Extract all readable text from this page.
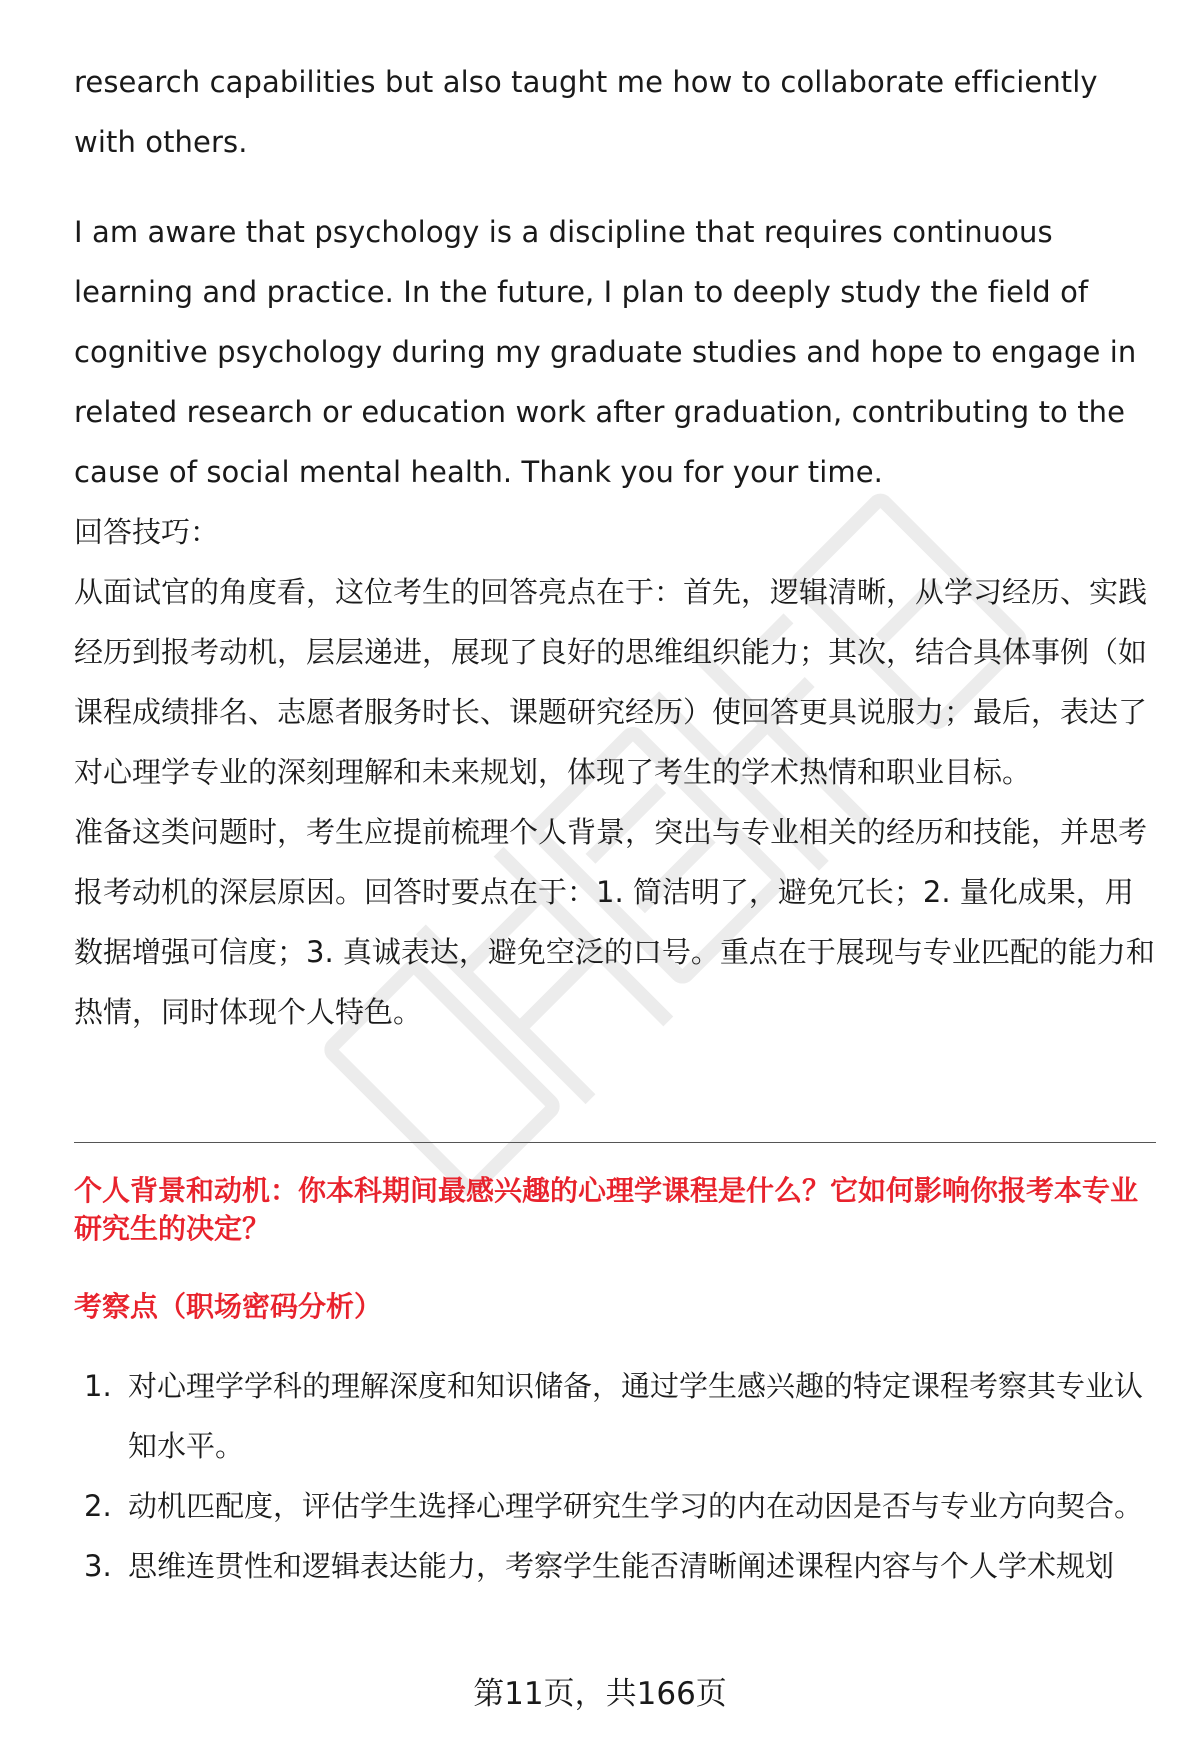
research capabilities but also taught me how to collaborate efficiently with others.

I am aware that psychology is a discipline that requires continuous learning and practice. In the future, I plan to deeply study the field of cognitive psychology during my graduate studies and hope to engage in related research or education work after graduation, contributing to the cause of social mental health. Thank you for your time.

回答技巧：

从面试官的角度看，这位考生的回答亮点在于：首先，逻辑清晰，从学习经历、实践经历到报考动机，层层递进，展现了良好的思维组织能力；其次，结合具体事例（如课程成绩排名、志愿者服务时长、课题研究经历）使回答更具说服力；最后，表达了对心理学专业的深刻理解和未来规划，体现了考生的学术热情和职业目标。

准备这类问题时，考生应提前梳理个人背景，突出与专业相关的经历和技能，并思考报考动机的深层原因。回答时要点在于：1. 简洁明了，避免冗长；2. 量化成果，用数据增强可信度；3. 真诚表达，避免空泛的口号。重点在于展现与专业匹配的能力和热情，同时体现个人特色。

个人背景和动机：你本科期间最感兴趣的心理学课程是什么？它如何影响你报考本专业研究生的决定？

考察点（职场密码分析）

1. 对心理学学科的理解深度和知识储备，通过学生感兴趣的特定课程考察其专业认知水平。
2. 动机匹配度，评估学生选择心理学研究生学习的内在动因是否与专业方向契合。
3. 思维连贯性和逻辑表达能力，考察学生能否清晰阐述课程内容与个人学术规划
第11页，共166页
